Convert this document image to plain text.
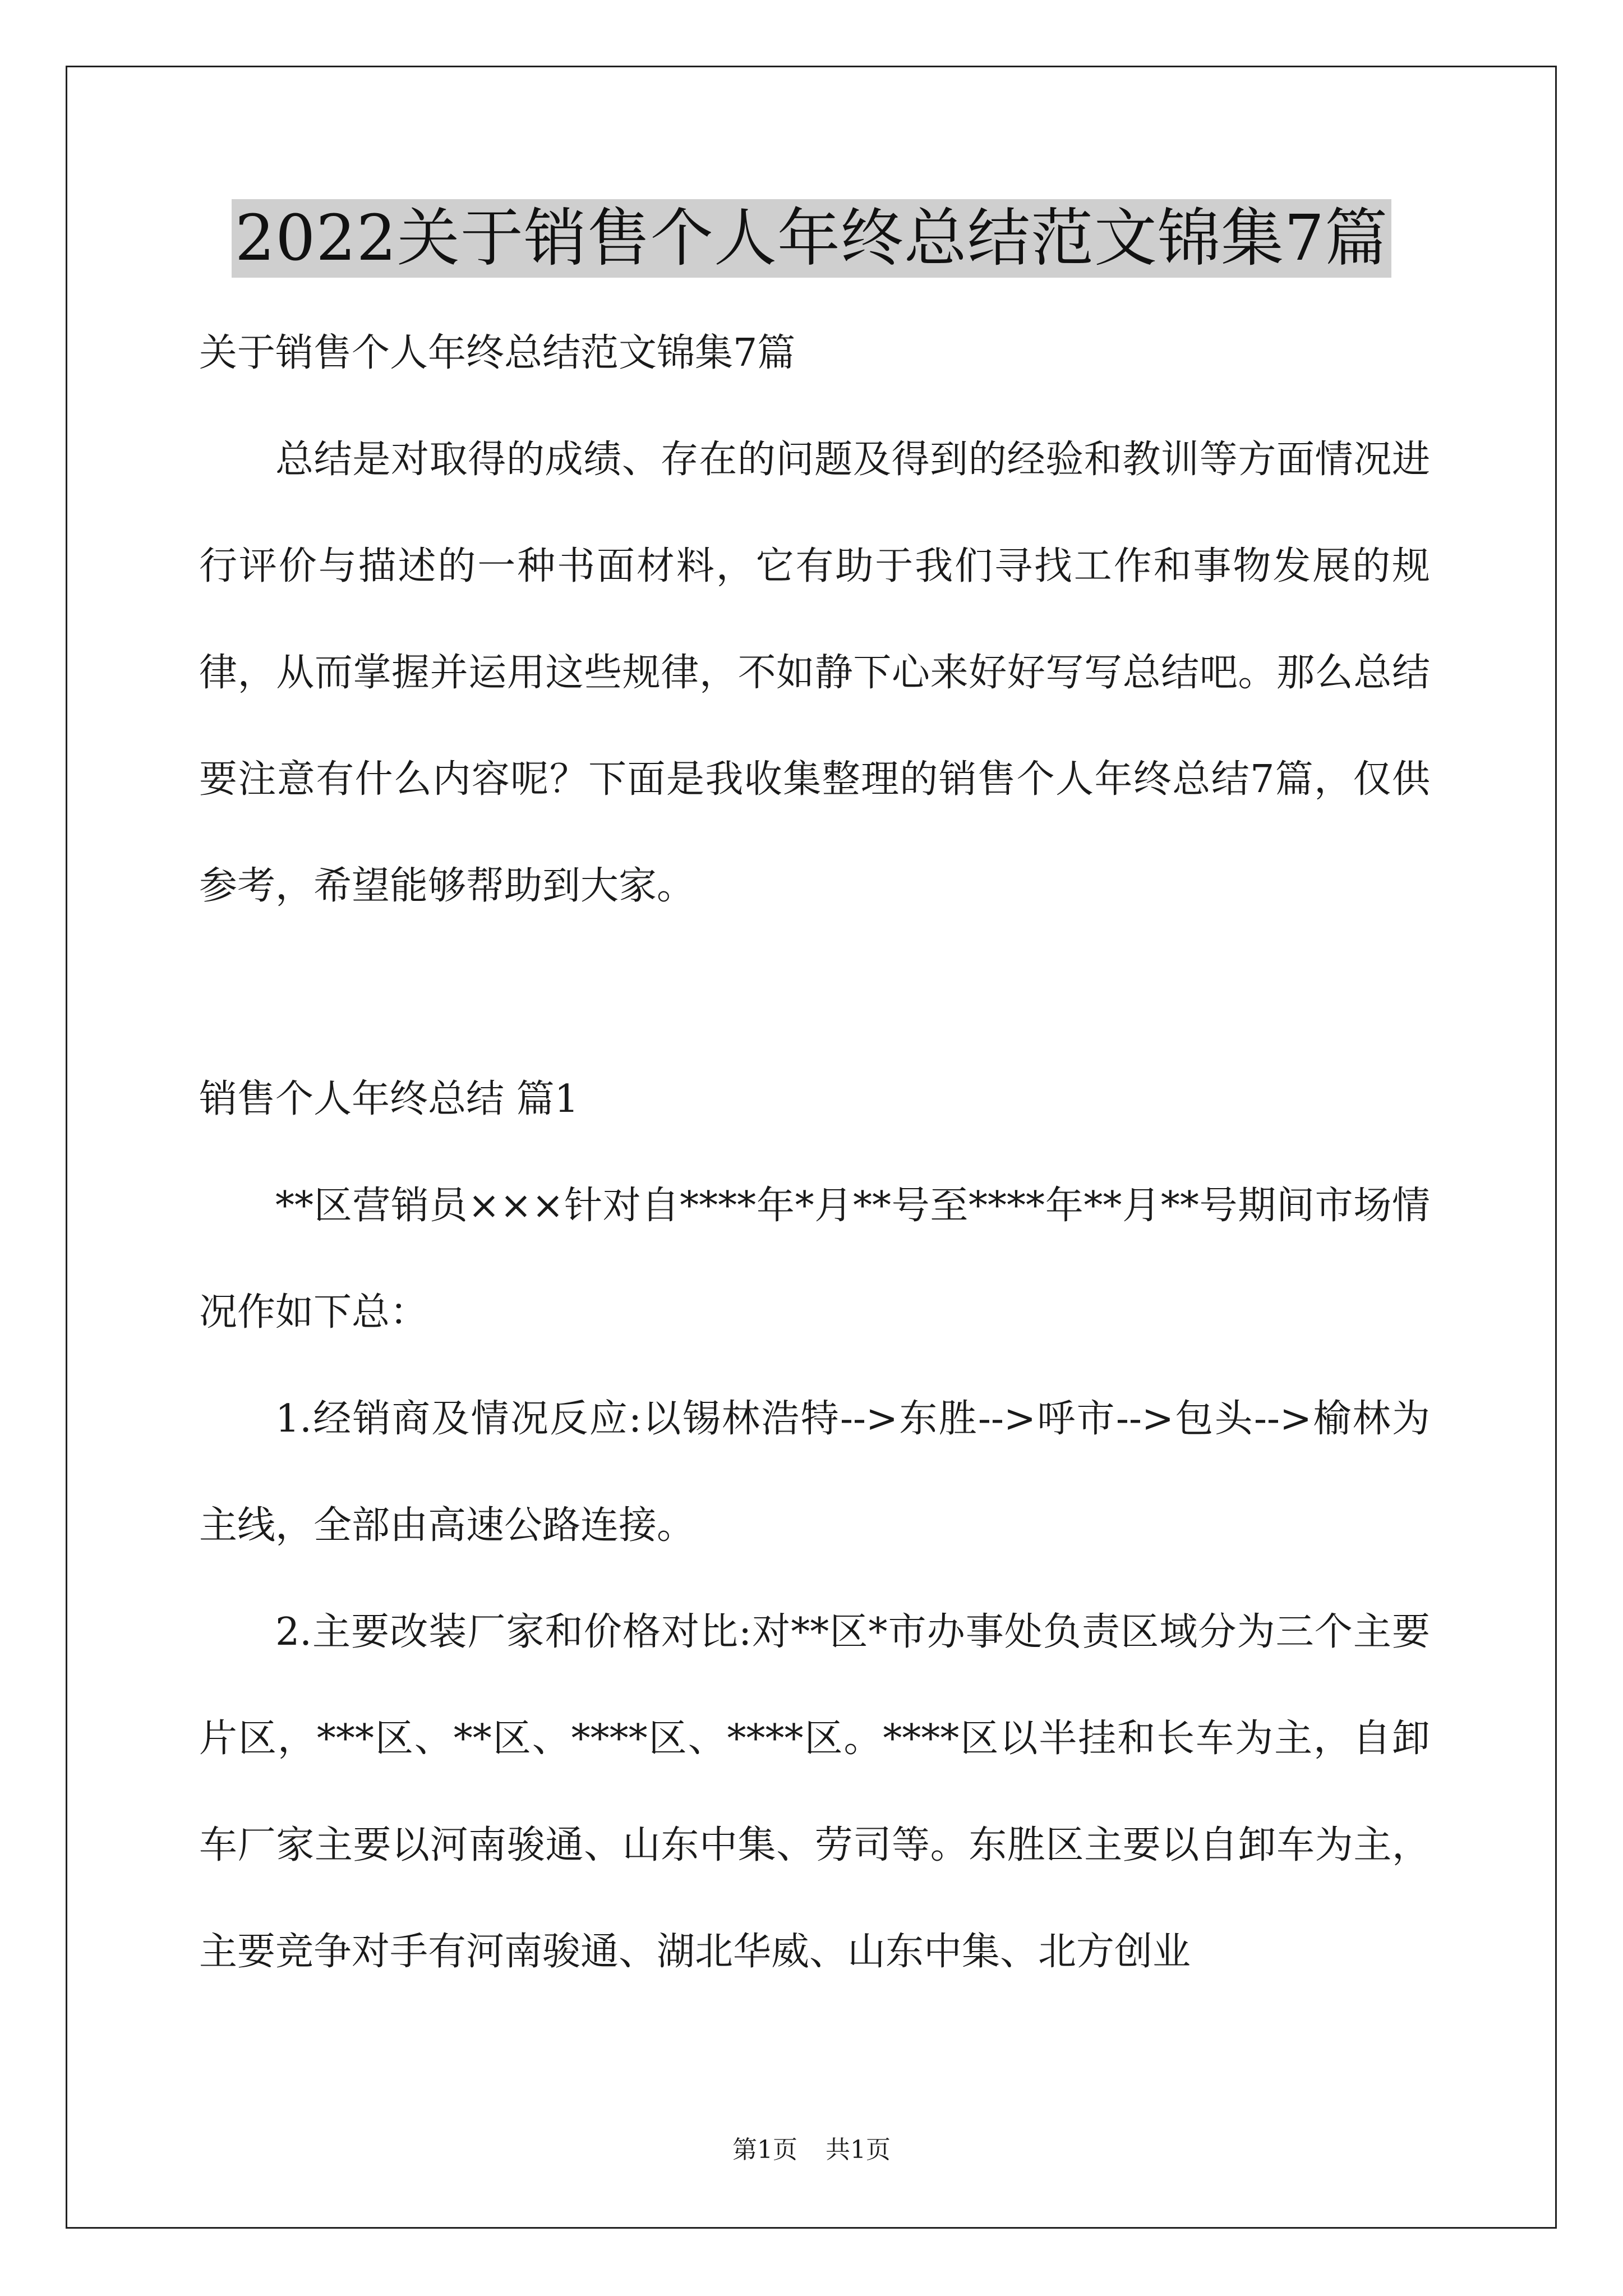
2022关于销售个人年终总结范文锦集7篇

关于销售个人年终总结范文锦集7篇

总结是对取得的成绩、存在的问题及得到的经验和教训等方面情况进行评价与描述的一种书面材料，它有助于我们寻找工作和事物发展的规律，从而掌握并运用这些规律，不如静下心来好好写写总结吧。那么总结要注意有什么内容呢？下面是我收集整理的销售个人年终总结7篇，仅供参考，希望能够帮助到大家。

销售个人年终总结 篇1

**区营销员×××针对自****年*月**号至****年**月**号期间市场情况作如下总：

1.经销商及情况反应:以锡林浩特-->东胜-->呼市-->包头-->榆林为主线，全部由高速公路连接。

2.主要改装厂家和价格对比:对**区*市办事处负责区域分为三个主要片区，***区、**区、****区、****区。****区以半挂和长车为主，自卸车厂家主要以河南骏通、山东中集、劳司等。东胜区主要以自卸车为主，主要竞争对手有河南骏通、湖北华威、山东中集、北方创业

第1页 共1页
